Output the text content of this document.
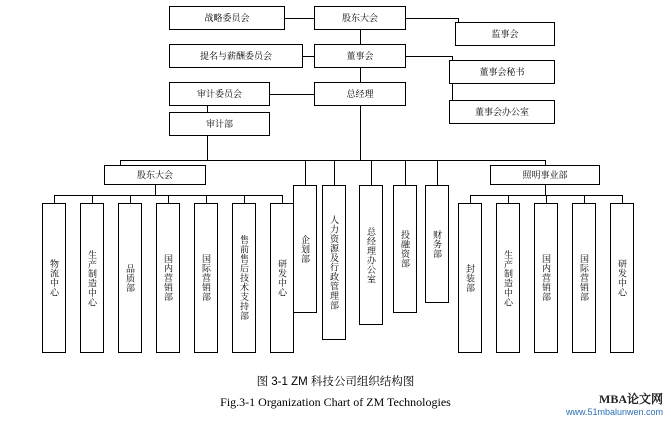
战略委员会	股东大会
监事会
提名与薪酬委员会	董事会
董事会秘书
审计委员会	总经理
董事会办公室
审计部
股东大会
企划部	人力资源及行政管理部	总经理办公室	投融资部	财务部
照明事业部
物流中心	生产制造中心	品质部	国内营销部	国际营销部	售前售后技术支持部	研发中心	封装部	生产制造中心	国内营销部	国际营销部	研发中心
图 3-1 ZM 科技公司组织结构图
Fig.3-1 Organization Chart of ZM Technologies	MBA论文网
www.51mbalunwen.com
